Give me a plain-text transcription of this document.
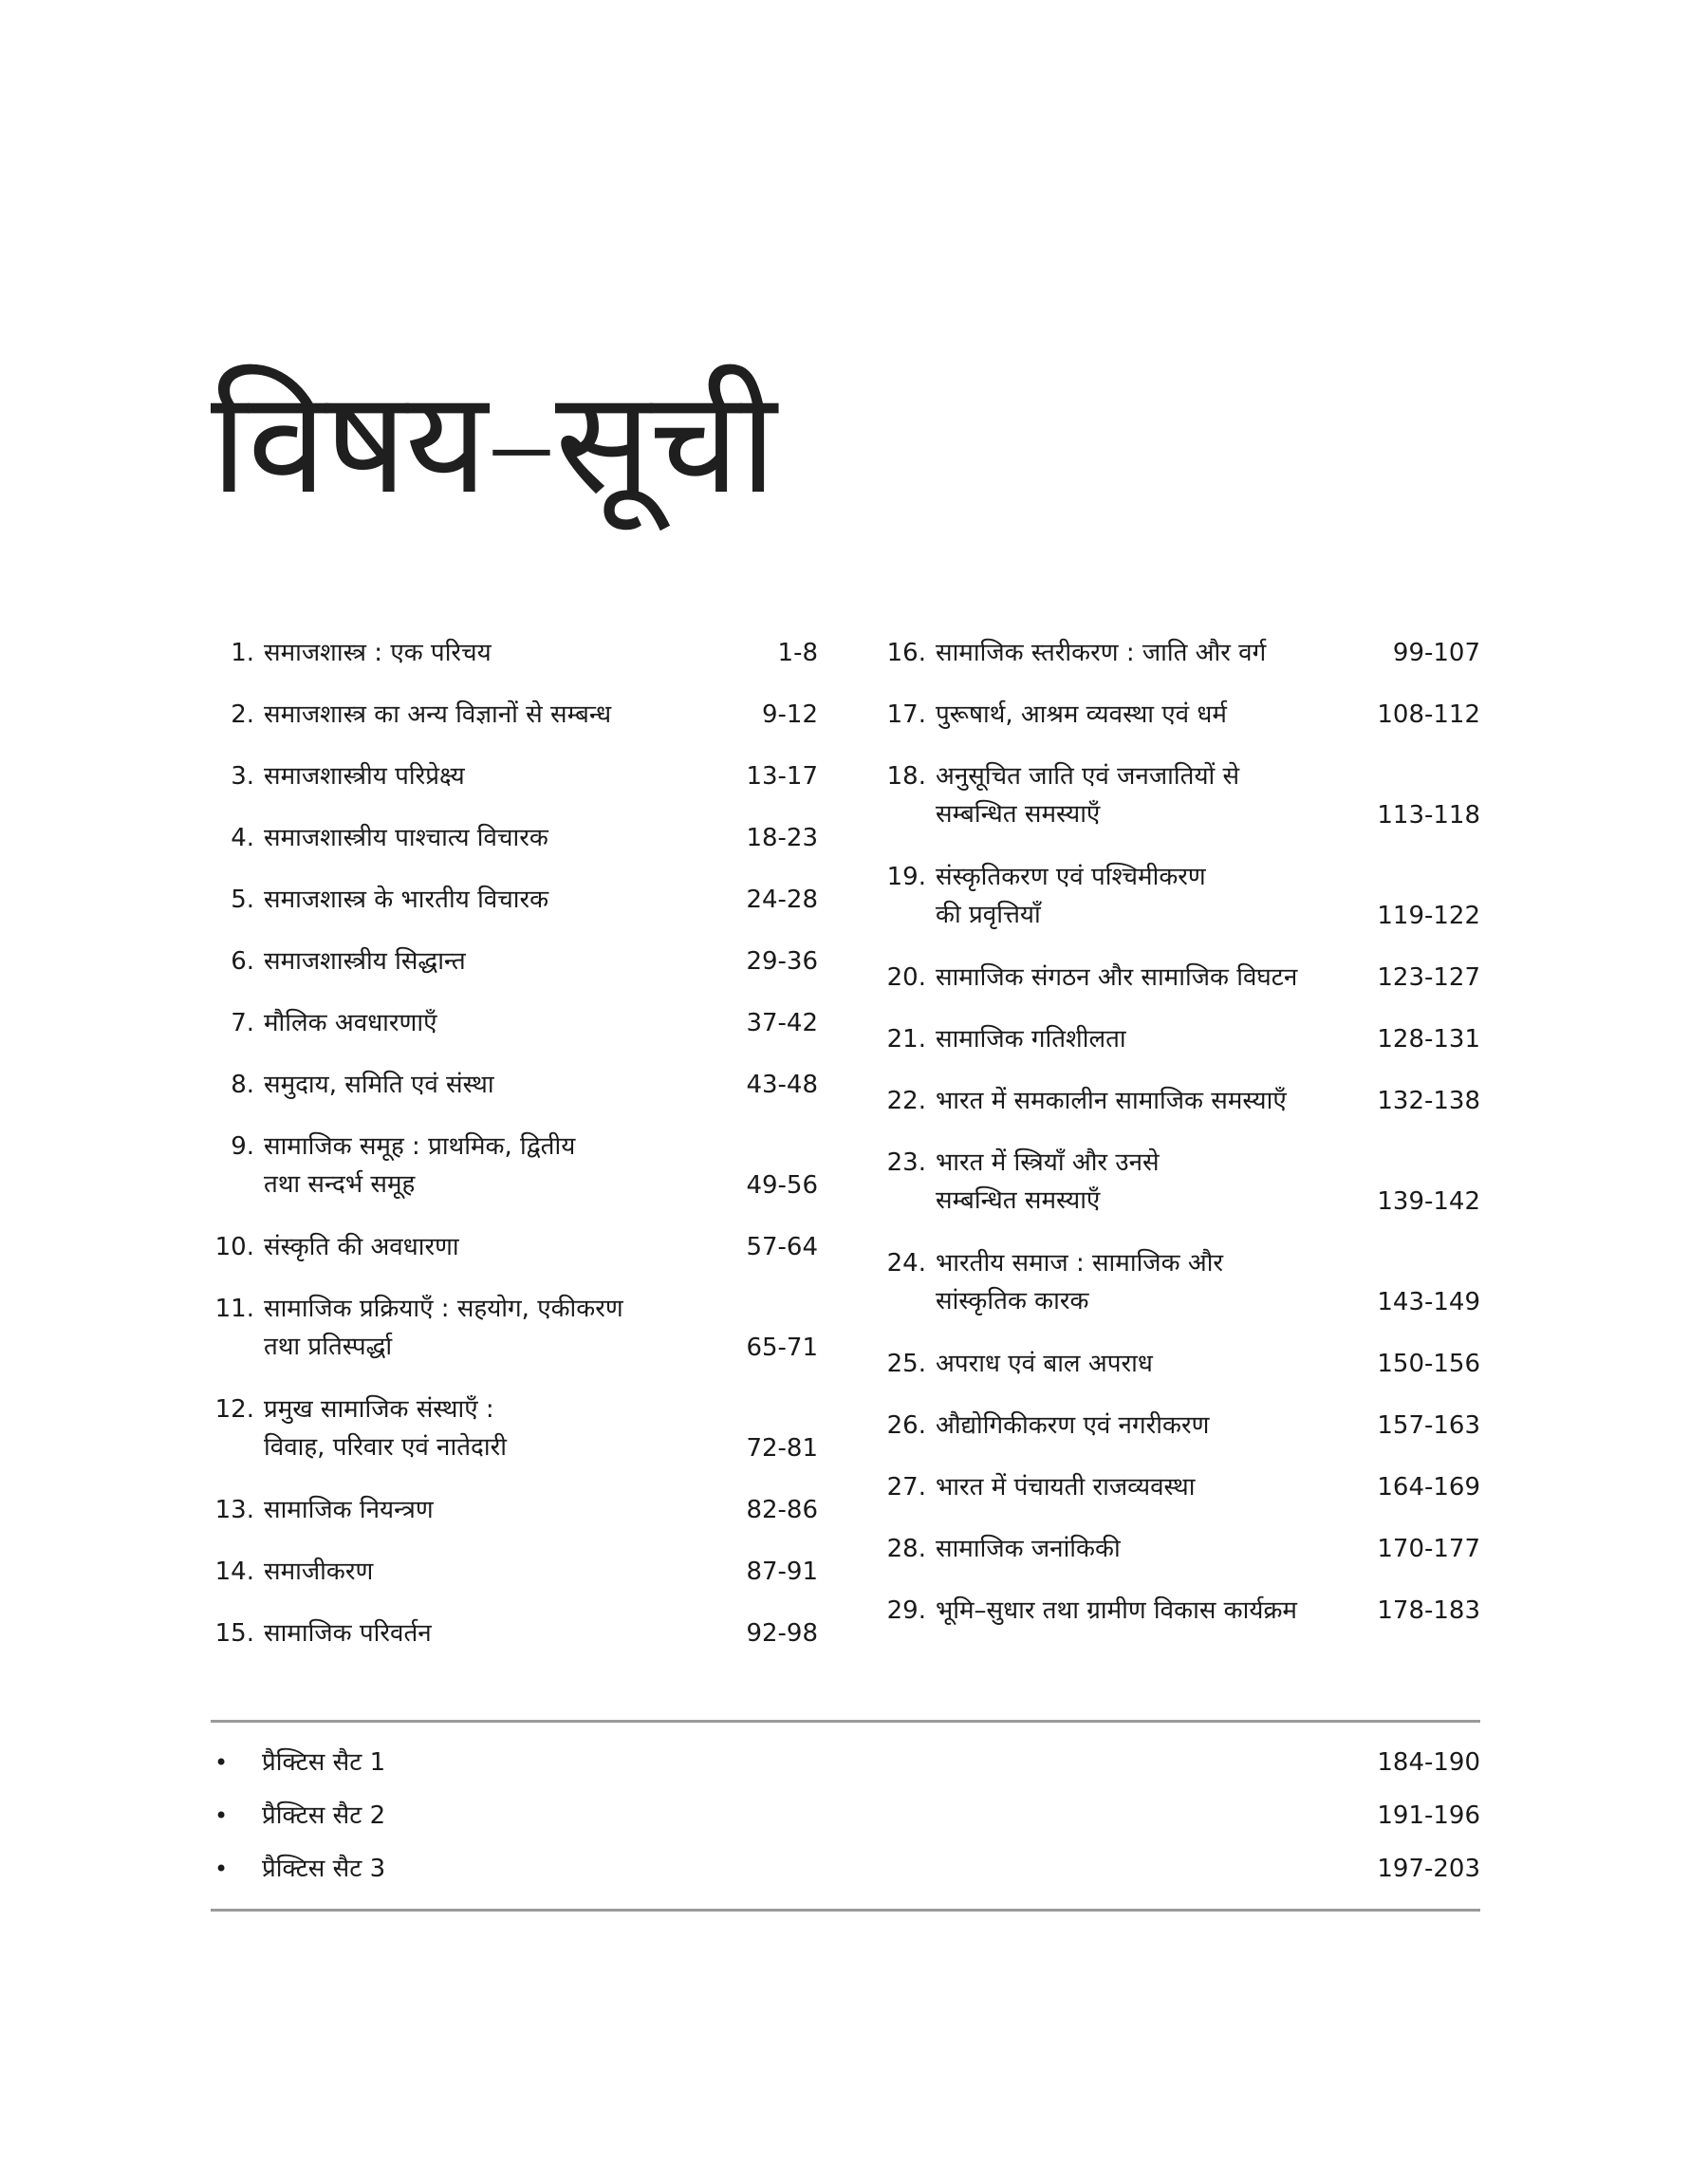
विषय–सूची
1. समाजशास्त्र : एक परिचय	1-8
2. समाजशास्त्र का अन्य विज्ञानों से सम्बन्ध	9-12
3. समाजशास्त्रीय परिप्रेक्ष्य	13-17
4. समाजशास्त्रीय पाश्चात्य विचारक	18-23
5. समाजशास्त्र के भारतीय विचारक	24-28
6. समाजशास्त्रीय सिद्धान्त	29-36
7. मौलिक अवधारणाएँ	37-42
8. समुदाय, समिति एवं संस्था	43-48
9. सामाजिक समूह : प्राथमिक, द्वितीय
तथा सन्दर्भ समूह	49-56
10. संस्कृति की अवधारणा	57-64
11. सामाजिक प्रक्रियाएँ : सहयोग, एकीकरण
तथा प्रतिस्पर्द्धा	65-71
12. प्रमुख सामाजिक संस्थाएँ :
विवाह, परिवार एवं नातेदारी	72-81
13. सामाजिक नियन्त्रण	82-86
14. समाजीकरण	87-91
15. सामाजिक परिवर्तन	92-98
16. सामाजिक स्तरीकरण : जाति और वर्ग	99-107
17. पुरूषार्थ, आश्रम व्यवस्था एवं धर्म	108-112
18. अनुसूचित जाति एवं जनजातियों से
सम्बन्धित समस्याएँ	113-118
19. संस्कृतिकरण एवं पश्चिमीकरण
की प्रवृत्तियाँ	119-122
20. सामाजिक संगठन और सामाजिक विघटन	123-127
21. सामाजिक गतिशीलता	128-131
22. भारत में समकालीन सामाजिक समस्याएँ	132-138
23. भारत में स्त्रियाँ और उनसे
सम्बन्धित समस्याएँ	139-142
24. भारतीय समाज : सामाजिक और
सांस्कृतिक कारक	143-149
25. अपराध एवं बाल अपराध	150-156
26. औद्योगिकीकरण एवं नगरीकरण	157-163
27. भारत में पंचायती राजव्यवस्था	164-169
28. सामाजिक जनांकिकी	170-177
29. भूमि–सुधार तथा ग्रामीण विकास कार्यक्रम	178-183
•	प्रैक्टिस सैट 1	184-190
•	प्रैक्टिस सैट 2	191-196
•	प्रैक्टिस सैट 3	197-203
